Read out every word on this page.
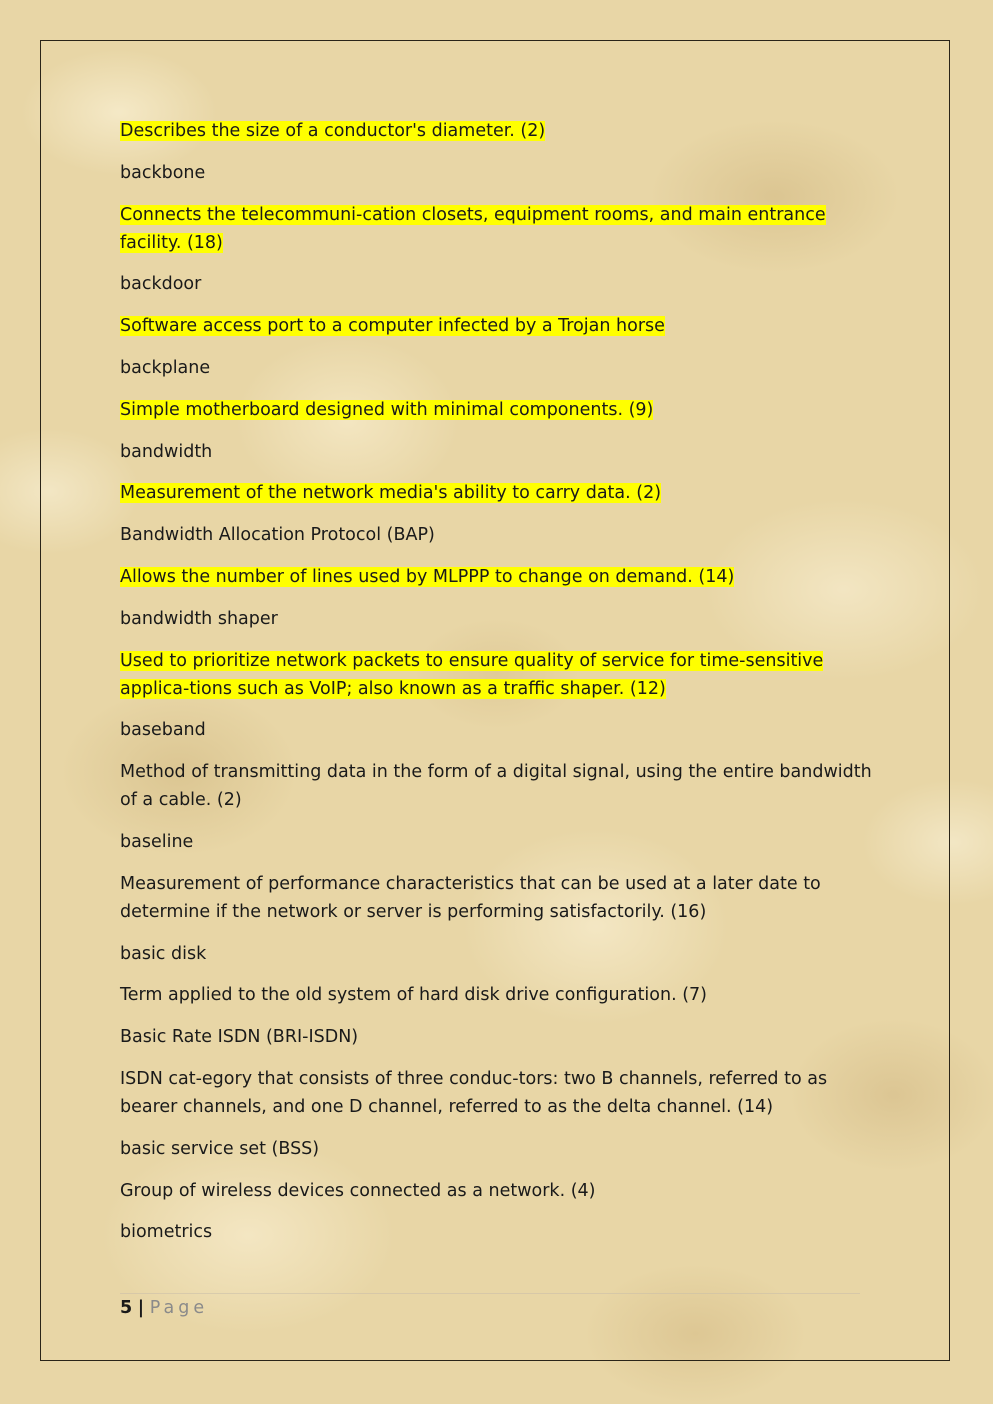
Describes the size of a conductor's diameter. (2)
backbone
Connects the telecommuni-cation closets, equipment rooms, and main entrance facility. (18)
backdoor
Software access port to a computer infected by a Trojan horse
backplane
Simple motherboard designed with minimal components. (9)
bandwidth
Measurement of the network media's ability to carry data. (2)
Bandwidth Allocation Protocol (BAP)
Allows the number of lines used by MLPPP to change on demand. (14)
bandwidth shaper
Used to prioritize network packets to ensure quality of service for time-sensitive applica-tions such as VoIP; also known as a traffic shaper. (12)
baseband
Method of transmitting data in the form of a digital signal, using the entire bandwidth of a cable. (2)
baseline
Measurement of performance characteristics that can be used at a later date to determine if the network or server is performing satisfactorily. (16)
basic disk
Term applied to the old system of hard disk drive configuration. (7)
Basic Rate ISDN (BRI-ISDN)
ISDN cat-egory that consists of three conduc-tors: two B channels, referred to as bearer channels, and one D channel, referred to as the delta channel. (14)
basic service set (BSS)
Group of wireless devices connected as a network. (4)
biometrics
5 | Page
